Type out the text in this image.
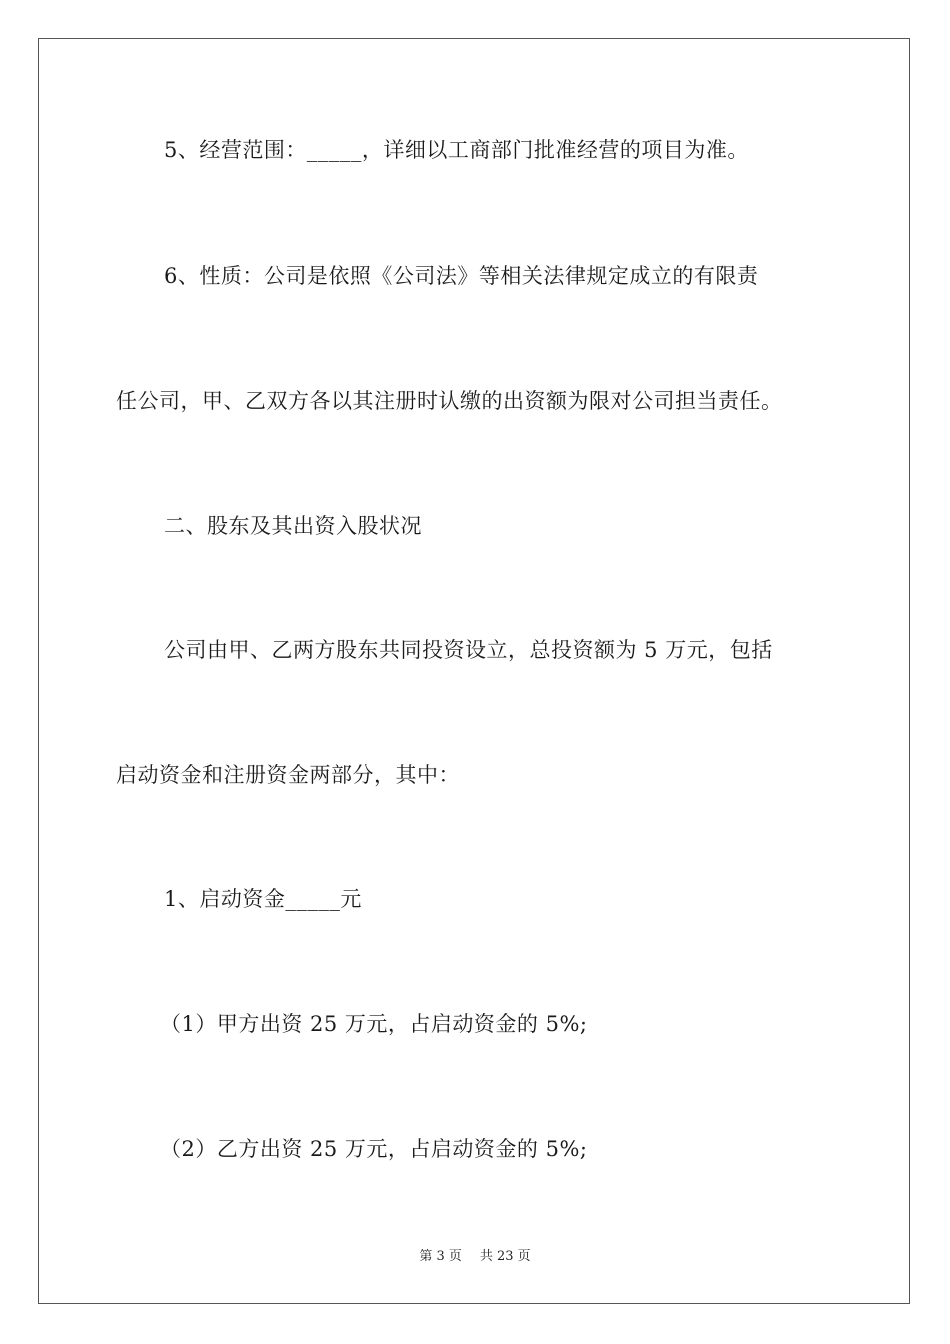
5、经营范围：_____，详细以工商部门批准经营的项目为准。
6、性质：公司是依照《公司法》等相关法律规定成立的有限责
任公司，甲、乙双方各以其注册时认缴的出资额为限对公司担当责任。
二、股东及其出资入股状况
公司由甲、乙两方股东共同投资设立，总投资额为 5 万元，包括
启动资金和注册资金两部分，其中：
1、启动资金_____元
（1）甲方出资 25 万元，占启动资金的 5%;
（2）乙方出资 25 万元，占启动资金的 5%;
第 3 页 共 23 页
